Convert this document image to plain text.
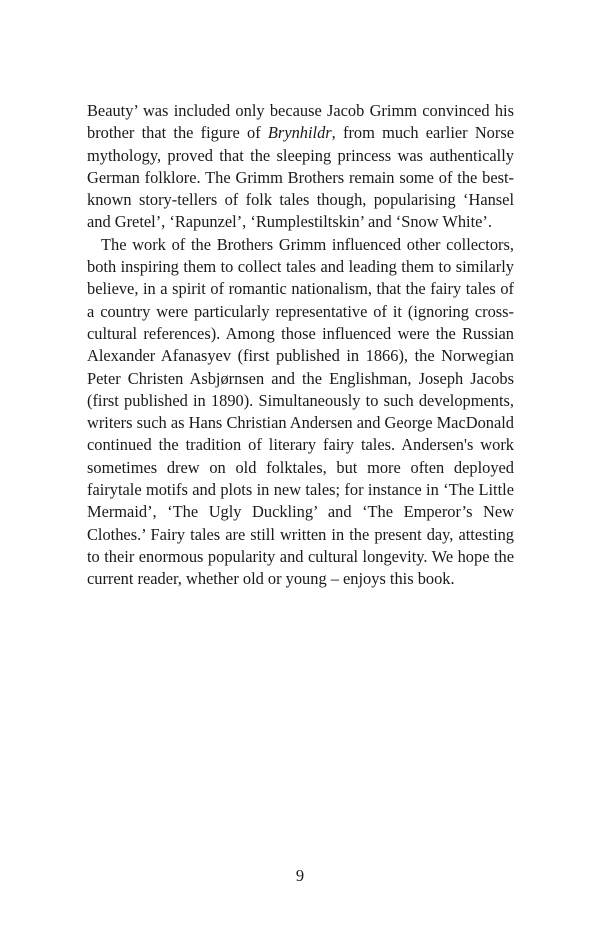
Beauty’ was included only because Jacob Grimm convinced his brother that the figure of Brynhildr, from much earlier Norse mythology, proved that the sleeping princess was authentically German folklore. The Grimm Brothers remain some of the best-known story-tellers of folk tales though, popularising ‘Hansel and Gretel’, ‘Rapunzel’, ‘Rumplestiltskin’ and ‘Snow White’.

The work of the Brothers Grimm influenced other collectors, both inspiring them to collect tales and leading them to similarly believe, in a spirit of romantic nationalism, that the fairy tales of a country were particularly representative of it (ignoring cross-cultural references). Among those influenced were the Russian Alexander Afanasyev (first published in 1866), the Norwegian Peter Christen Asbjørnsen and the Englishman, Joseph Jacobs (first published in 1890). Simultaneously to such developments, writers such as Hans Christian Andersen and George MacDonald continued the tradition of literary fairy tales. Andersen's work sometimes drew on old folktales, but more often deployed fairytale motifs and plots in new tales; for instance in ‘The Little Mermaid’, ‘The Ugly Duckling’ and ‘The Emperor’s New Clothes.’ Fairy tales are still written in the present day, attesting to their enormous popularity and cultural longevity. We hope the current reader, whether old or young – enjoys this book.

9
